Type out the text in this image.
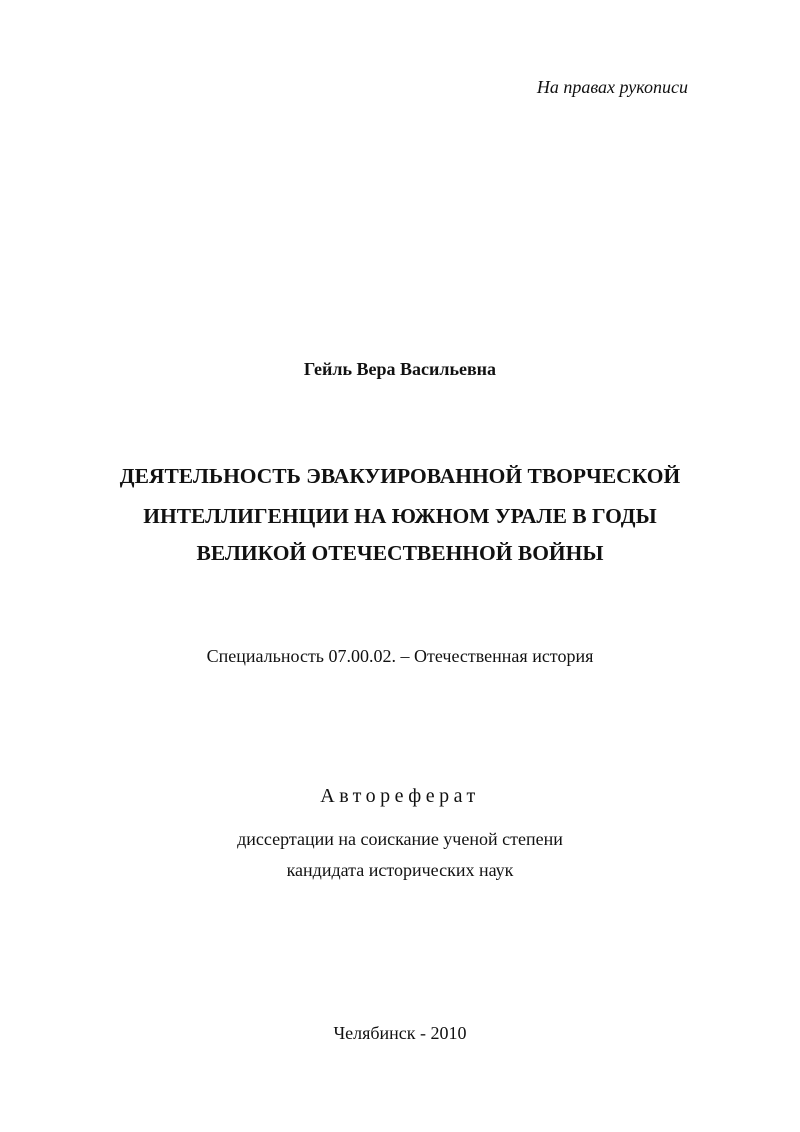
На правах рукописи
Гейль Вера Васильевна
ДЕЯТЕЛЬНОСТЬ ЭВАКУИРОВАННОЙ ТВОРЧЕСКОЙ
ИНТЕЛЛИГЕНЦИИ НА ЮЖНОМ УРАЛЕ В ГОДЫ
ВЕЛИКОЙ ОТЕЧЕСТВЕННОЙ ВОЙНЫ
Специальность 07.00.02. – Отечественная история
Автореферат
диссертации на соискание ученой степени
кандидата исторических наук
Челябинск - 2010
